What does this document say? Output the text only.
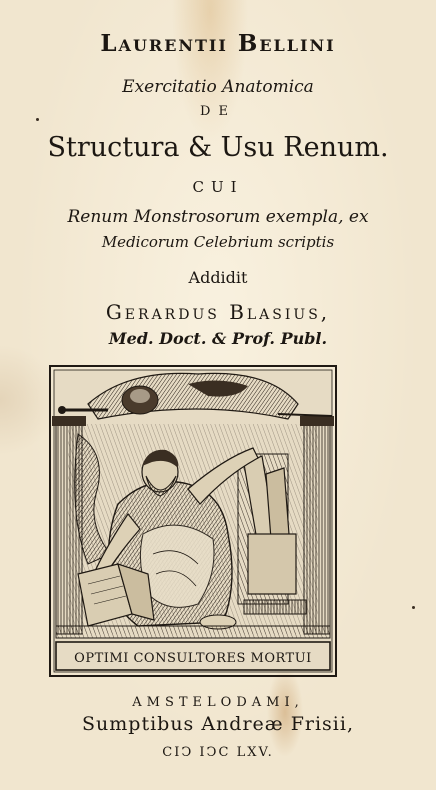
Laurentii Bellini
Exercitatio Anatomica
DE
Structura & Usu Renum.
CUI
Renum Monstrosorum exempla, ex
Medicorum Celebrium scriptis
Addidit
Gerardus Blasius,
Med. Doct. & Prof. Publ.
OPTIMI CONSULTORES MORTUI
AMSTELODAMI,
Sumptibus Andreæ Frisii,
CIↃ IↃC LXV.
